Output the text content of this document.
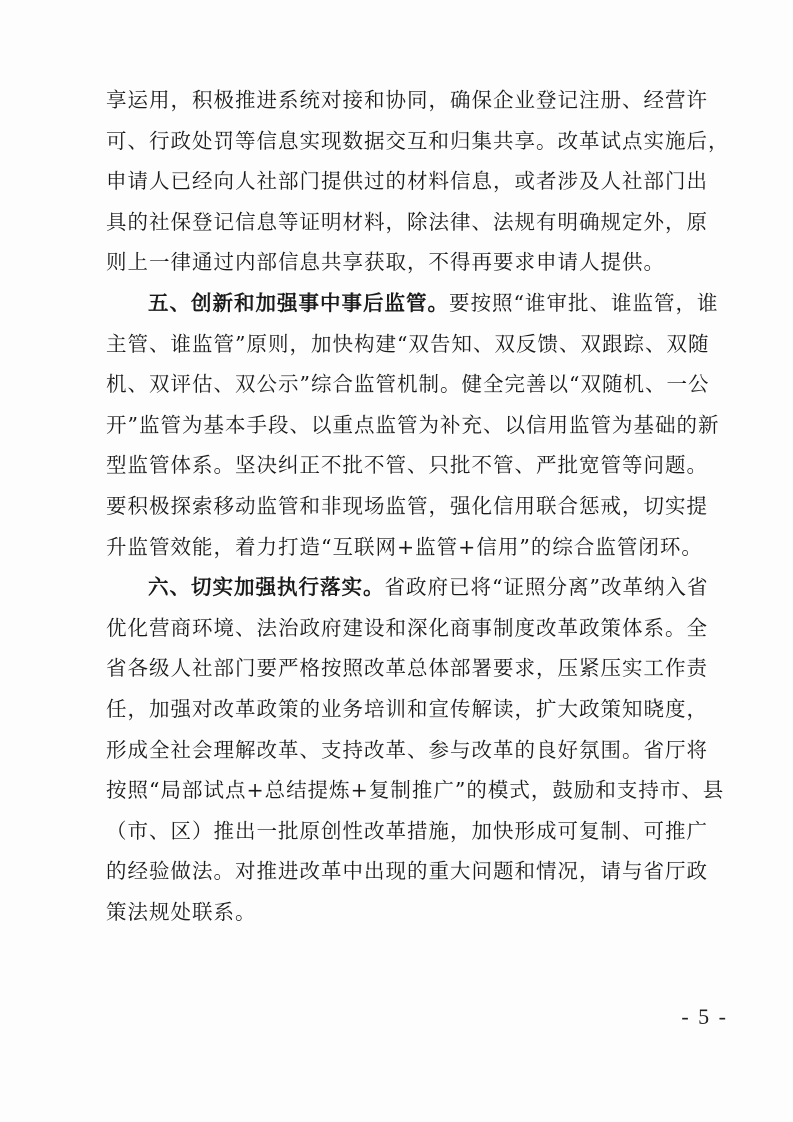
享运用，积极推进系统对接和协同，确保企业登记注册、经营许
可、行政处罚等信息实现数据交互和归集共享。改革试点实施后，
申请人已经向人社部门提供过的材料信息，或者涉及人社部门出
具的社保登记信息等证明材料，除法律、法规有明确规定外，原
则上一律通过内部信息共享获取，不得再要求申请人提供。
五、创新和加强事中事后监管。要按照“谁审批、谁监管，谁
主管、谁监管”原则，加快构建“双告知、双反馈、双跟踪、双随
机、双评估、双公示”综合监管机制。健全完善以“双随机、一公
开”监管为基本手段、以重点监管为补充、以信用监管为基础的新
型监管体系。坚决纠正不批不管、只批不管、严批宽管等问题。
要积极探索移动监管和非现场监管，强化信用联合惩戒，切实提
升监管效能，着力打造“互联网+监管+信用”的综合监管闭环。
六、切实加强执行落实。省政府已将“证照分离”改革纳入省
优化营商环境、法治政府建设和深化商事制度改革政策体系。全
省各级人社部门要严格按照改革总体部署要求，压紧压实工作责
任，加强对改革政策的业务培训和宣传解读，扩大政策知晓度，
形成全社会理解改革、支持改革、参与改革的良好氛围。省厅将
按照“局部试点+总结提炼+复制推广”的模式，鼓励和支持市、县
（市、区）推出一批原创性改革措施，加快形成可复制、可推广
的经验做法。对推进改革中出现的重大问题和情况，请与省厅政
策法规处联系。
- 5 -
